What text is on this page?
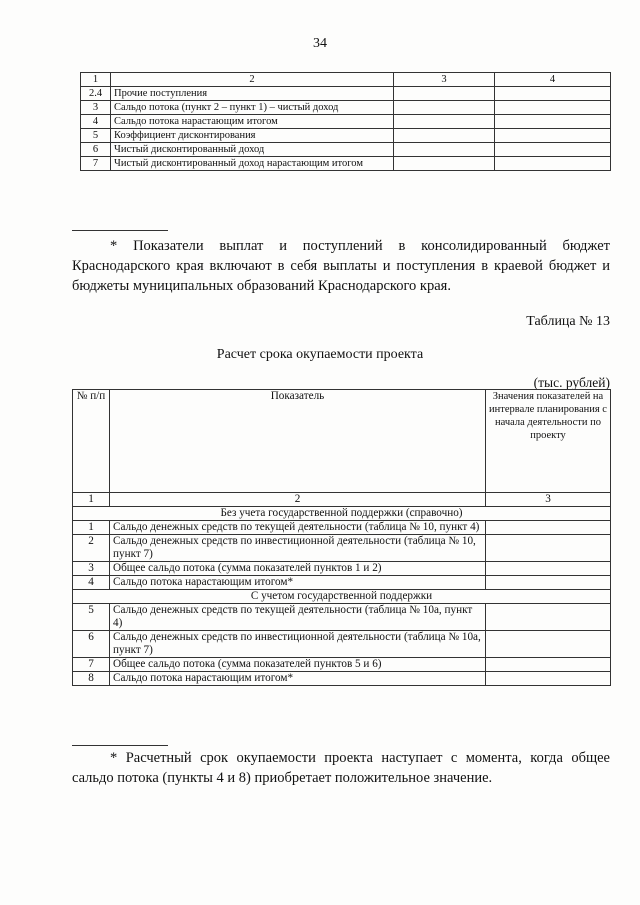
34
1	2	3	4
2.4	Прочие поступления		
3	Сальдо потока (пункт 2 – пункт 1) – чистый доход		
4	Сальдо потока нарастающим итогом		
5	Коэффициент дисконтирования		
6	Чистый дисконтированный доход		
7	Чистый дисконтированный доход нарастающим итогом		
* Показатели выплат и поступлений в консолидированный бюджет Краснодарского края включают в себя выплаты и поступления в краевой бюджет и бюджеты муниципальных образований Краснодарского края.
Таблица № 13
Расчет срока окупаемости проекта
(тыс. рублей)
№ п/п	Показатель	Значения показателей на интервале планирования с начала деятельности по проекту
1	2	3
Без учета государственной поддержки (справочно)		
1	Сальдо денежных средств по текущей деятельности (таблица № 10, пункт 4)	
2	Сальдо денежных средств по инвестиционной деятельности (таблица № 10, пункт 7)	
3	Общее сальдо потока (сумма показателей пунктов 1 и 2)	
4	Сальдо потока нарастающим итогом*	
С учетом государственной поддержки		
5	Сальдо денежных средств по текущей деятельности (таблица № 10а, пункт 4)	
6	Сальдо денежных средств по инвестиционной деятельности (таблица № 10а, пункт 7)	
7	Общее сальдо потока (сумма показателей пунктов 5 и 6)	
8	Сальдо потока нарастающим итогом*	
* Расчетный срок окупаемости проекта наступает с момента, когда общее сальдо потока (пункты 4 и 8) приобретает положительное значение.
